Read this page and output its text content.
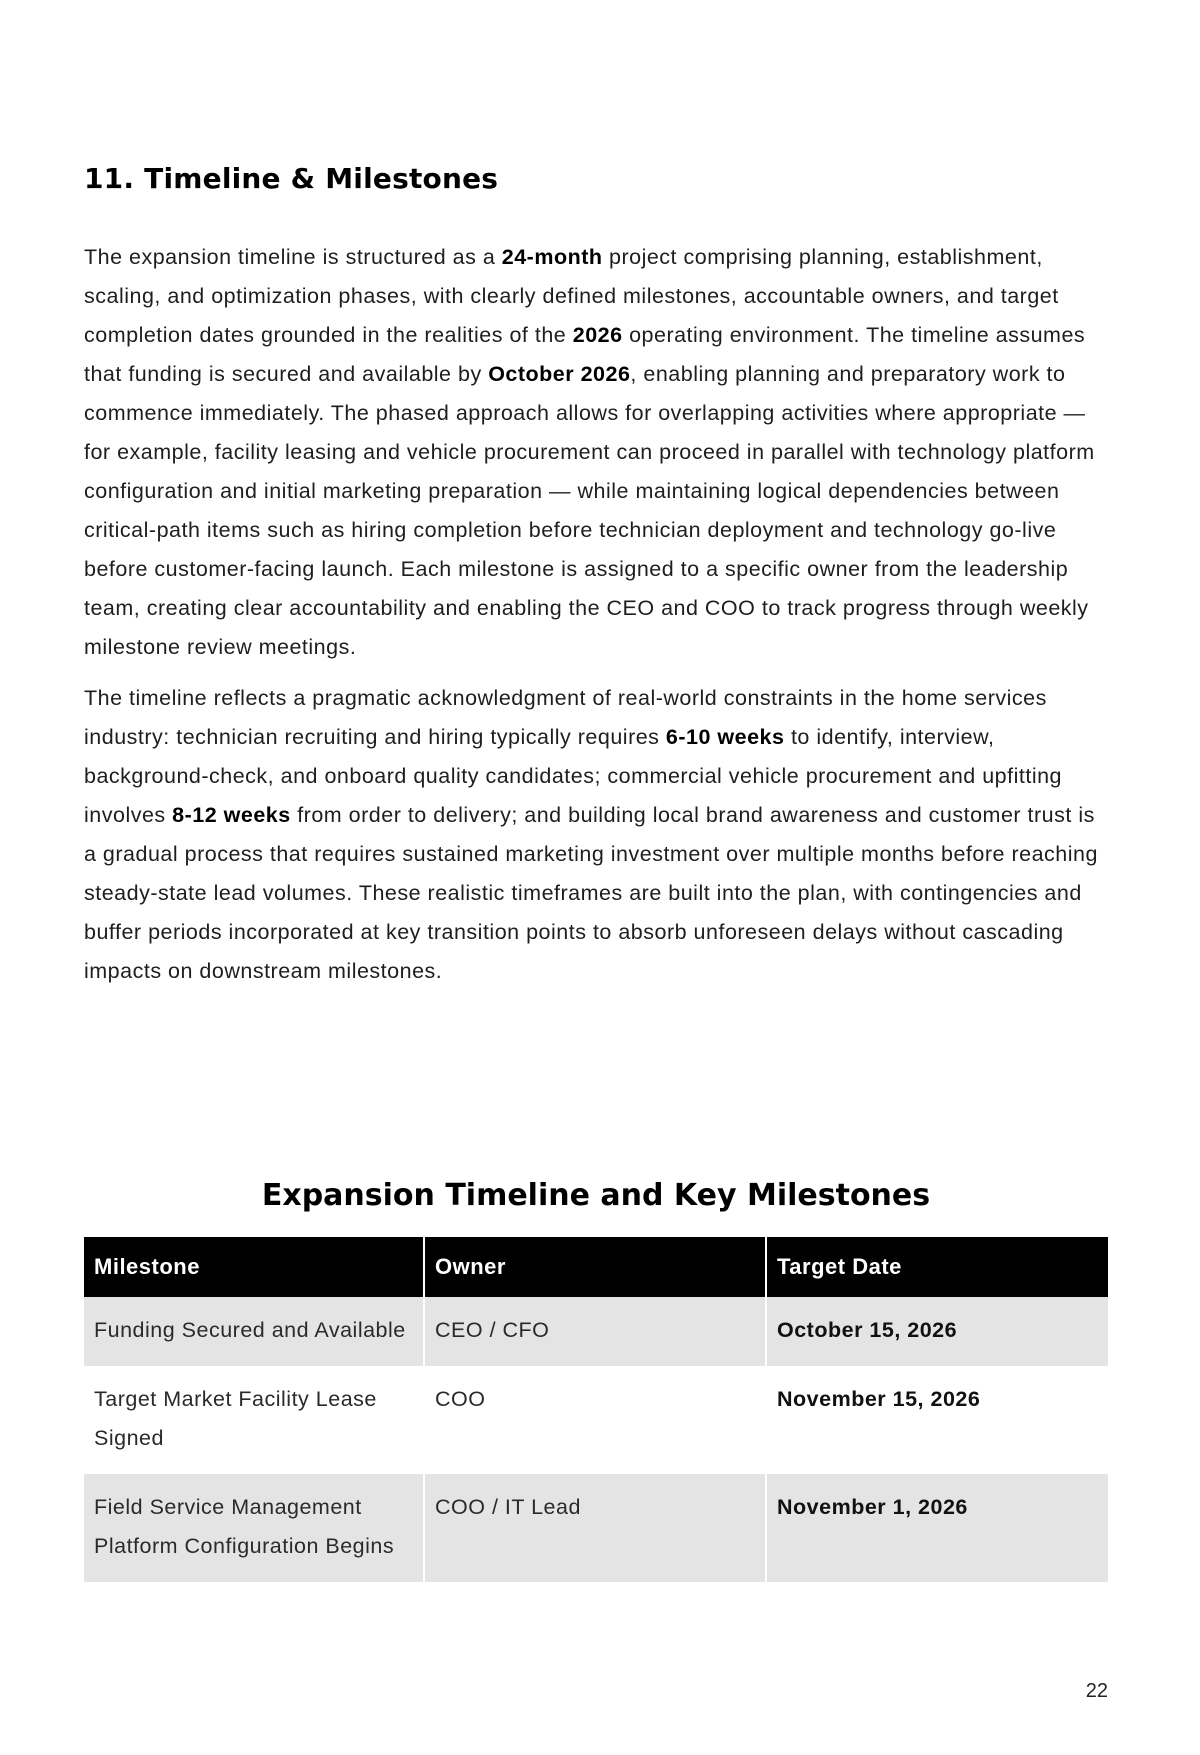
11. Timeline & Milestones

The expansion timeline is structured as a 24-month project comprising planning, establishment, scaling, and optimization phases, with clearly defined milestones, accountable owners, and target completion dates grounded in the realities of the 2026 operating environment. The timeline assumes that funding is secured and available by October 2026, enabling planning and preparatory work to commence immediately. The phased approach allows for overlapping activities where appropriate — for example, facility leasing and vehicle procurement can proceed in parallel with technology platform configuration and initial marketing preparation — while maintaining logical dependencies between critical-path items such as hiring completion before technician deployment and technology go-live before customer-facing launch. Each milestone is assigned to a specific owner from the leadership team, creating clear accountability and enabling the CEO and COO to track progress through weekly milestone review meetings.

The timeline reflects a pragmatic acknowledgment of real-world constraints in the home services industry: technician recruiting and hiring typically requires 6-10 weeks to identify, interview, background-check, and onboard quality candidates; commercial vehicle procurement and upfitting involves 8-12 weeks from order to delivery; and building local brand awareness and customer trust is a gradual process that requires sustained marketing investment over multiple months before reaching steady-state lead volumes. These realistic timeframes are built into the plan, with contingencies and buffer periods incorporated at key transition points to absorb unforeseen delays without cascading impacts on downstream milestones.

Expansion Timeline and Key Milestones
Milestone	Owner	Target Date
Funding Secured and Available	CEO / CFO	October 15, 2026
Target Market Facility Lease Signed	COO	November 15, 2026
Field Service Management Platform Configuration Begins	COO / IT Lead	November 1, 2026
22
